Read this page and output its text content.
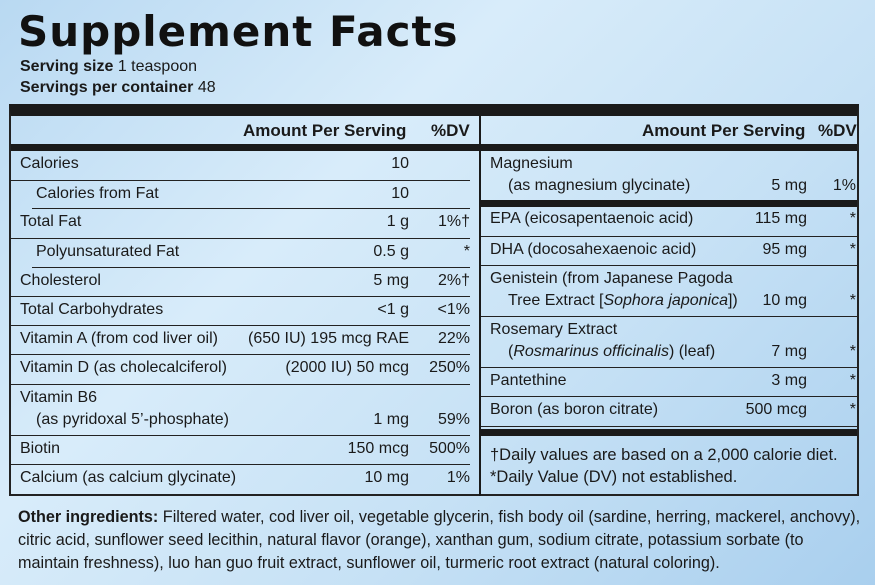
Supplement Facts
Serving size 1 teaspoon
Servings per container 48
Amount Per Serving %DV	Amount Per Serving %DV
Calories	10
Calories from Fat	10
Total Fat	1 g 1%†
Polyunsaturated Fat	0.5 g	*
Cholesterol	5 mg 2%†
Total Carbohydrates	<1 g <1%
Vitamin A (from cod liver oil) (650 IU) 195 mcg RAE 22%
Vitamin D (as cholecalciferol)	(2000 IU) 50 mcg 250%
Vitamin B6
(as pyridoxal 5’-phosphate)	1 mg 59%
Biotin	150 mcg 500%
Calcium (as calcium glycinate)	10 mg 1%
Magnesium
(as magnesium glycinate)	5 mg 1%
EPA (eicosapentaenoic acid)	115 mg	*
DHA (docosahexaenoic acid)	95 mg	*
Genistein (from Japanese Pagoda
Tree Extract [Sophora japonica]) 10 mg	*
Rosemary Extract
(Rosmarinus officinalis) (leaf)	7 mg	*
Pantethine	3 mg	*
Boron (as boron citrate)	500 mcg	*
†Daily values are based on a 2,000 calorie diet.
*Daily Value (DV) not established.
Other ingredients: Filtered water, cod liver oil, vegetable glycerin, fish body oil (sardine, herring, mackerel, anchovy), citric acid, sunflower seed lecithin, natural flavor (orange), xanthan gum, sodium citrate, potassium sorbate (to maintain freshness), luo han guo fruit extract, sunflower oil, turmeric root extract (natural coloring).
